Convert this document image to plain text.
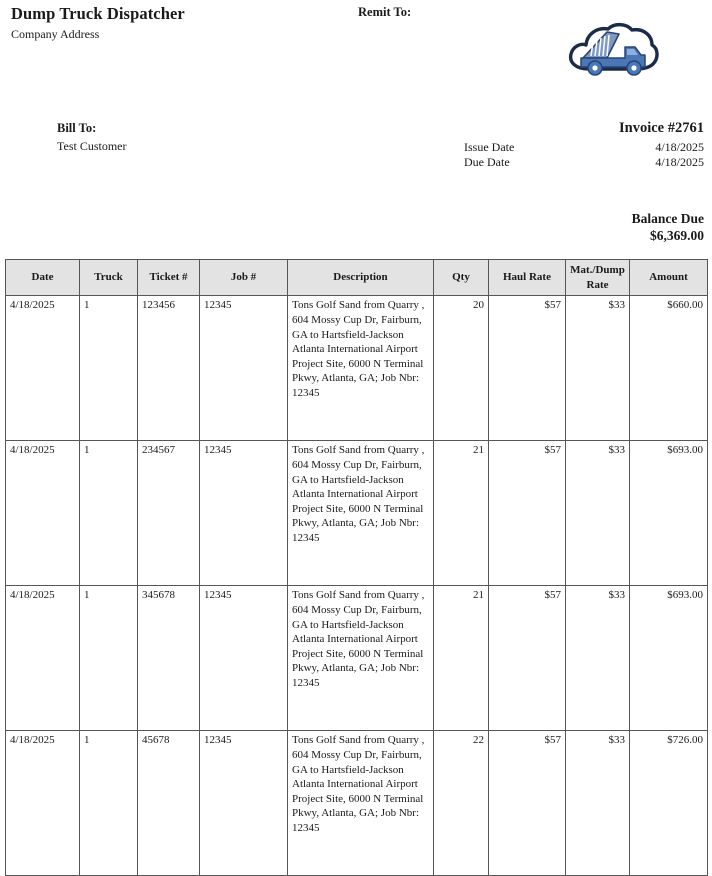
Dump Truck Dispatcher
Company Address
Remit To:
Bill To:
Test Customer
Invoice #2761
Issue Date	4/18/2025
Due Date	4/18/2025
Balance Due
$6,369.00
Date	Truck	Ticket #	Job #	Description	Qty	Haul Rate	Mat./Dump Rate	Amount
4/18/2025	1	123456	12345	Tons Golf Sand from Quarry , 604 Mossy Cup Dr, Fairburn, GA to Hartsfield-Jackson Atlanta International Airport Project Site, 6000 N Terminal Pkwy, Atlanta, GA; Job Nbr: 12345	20	$57	$33	$660.00
4/18/2025	1	234567	12345	Tons Golf Sand from Quarry , 604 Mossy Cup Dr, Fairburn, GA to Hartsfield-Jackson Atlanta International Airport Project Site, 6000 N Terminal Pkwy, Atlanta, GA; Job Nbr: 12345	21	$57	$33	$693.00
4/18/2025	1	345678	12345	Tons Golf Sand from Quarry , 604 Mossy Cup Dr, Fairburn, GA to Hartsfield-Jackson Atlanta International Airport Project Site, 6000 N Terminal Pkwy, Atlanta, GA; Job Nbr: 12345	21	$57	$33	$693.00
4/18/2025	1	45678	12345	Tons Golf Sand from Quarry , 604 Mossy Cup Dr, Fairburn, GA to Hartsfield-Jackson Atlanta International Airport Project Site, 6000 N Terminal Pkwy, Atlanta, GA; Job Nbr: 12345	22	$57	$33	$726.00
